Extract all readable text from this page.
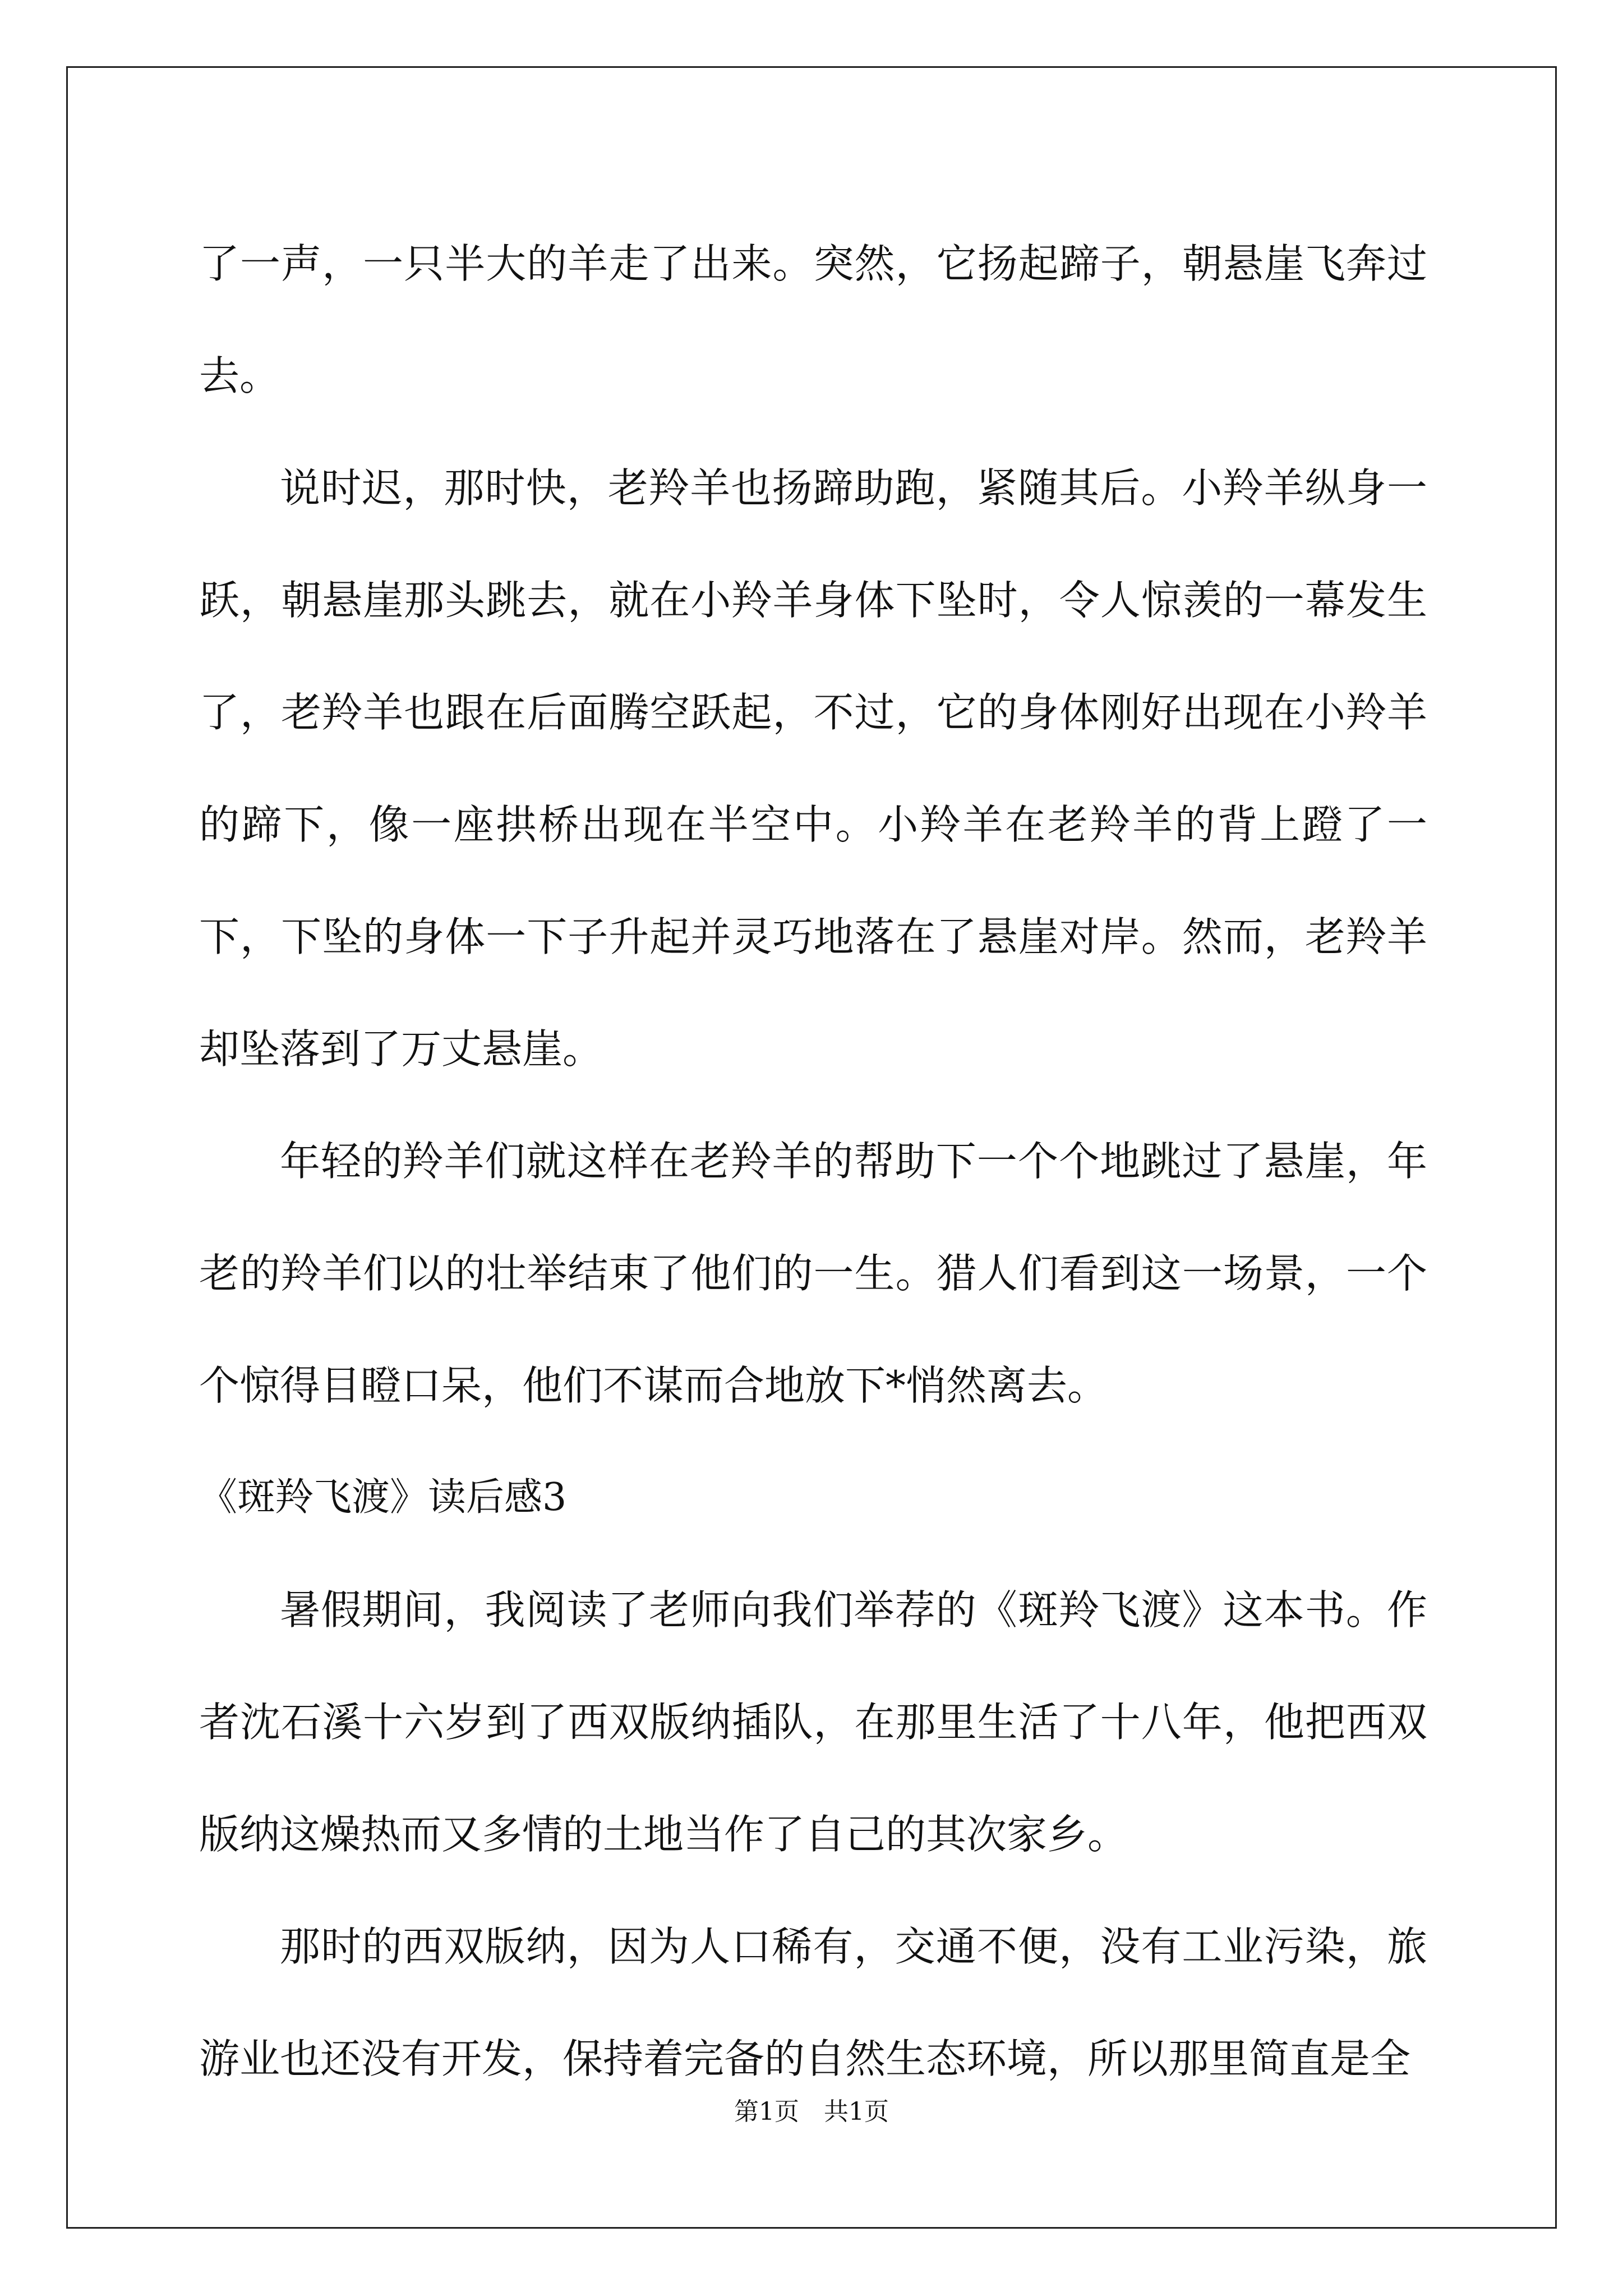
了一声，一只半大的羊走了出来。突然，它扬起蹄子，朝悬崖飞奔过去。

说时迟，那时快，老羚羊也扬蹄助跑，紧随其后。小羚羊纵身一跃，朝悬崖那头跳去，就在小羚羊身体下坠时，令人惊羡的一幕发生了，老羚羊也跟在后面腾空跃起，不过，它的身体刚好出现在小羚羊的蹄下，像一座拱桥出现在半空中。小羚羊在老羚羊的背上蹬了一下，下坠的身体一下子升起并灵巧地落在了悬崖对岸。然而，老羚羊却坠落到了万丈悬崖。

年轻的羚羊们就这样在老羚羊的帮助下一个个地跳过了悬崖，年老的羚羊们以的壮举结束了他们的一生。猎人们看到这一场景，一个个惊得目瞪口呆，他们不谋而合地放下*悄然离去。

《斑羚飞渡》读后感3

暑假期间，我阅读了老师向我们举荐的《斑羚飞渡》这本书。作者沈石溪十六岁到了西双版纳插队，在那里生活了十八年，他把西双版纳这燥热而又多情的土地当作了自己的其次家乡。

那时的西双版纳，因为人口稀有，交通不便，没有工业污染，旅游业也还没有开发，保持着完备的自然生态环境，所以那里简直是全

第1页　共1页
